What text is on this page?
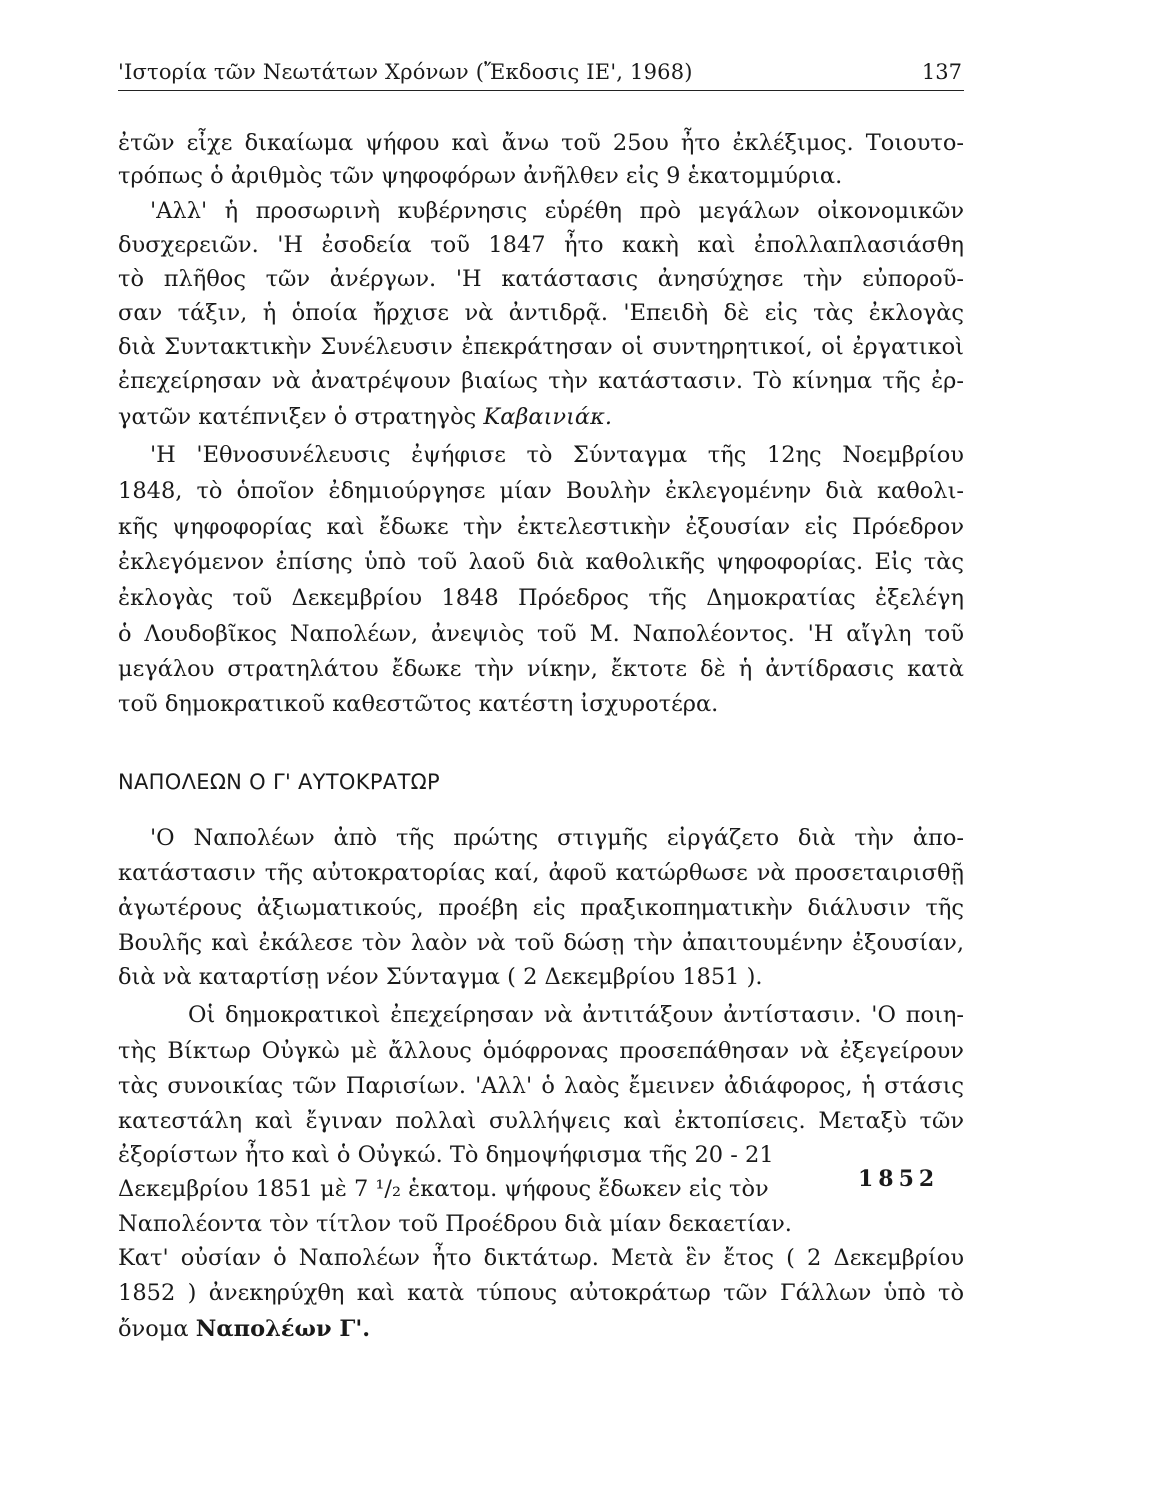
'Ιστορία τῶν Νεωτάτων Χρόνων (Ἔκδοσις ΙΕ', 1968)	137
ἐτῶν εἶχε δικαίωμα ψήφου καὶ ἄνω τοῦ 25ου ἦτο ἐκλέξιμος. Τοιουτο-
τρόπως ὁ ἀριθμὸς τῶν ψηφοφόρων ἀνῆλθεν εἰς 9 ἑκατομμύρια.
'Αλλ' ἡ προσωρινὴ κυβέρνησις εὑρέθη πρὸ μεγάλων οἰκονομικῶν
δυσχερειῶν. 'Η ἐσοδεία τοῦ 1847 ἦτο κακὴ καὶ ἐπολλαπλασιάσθη
τὸ πλῆθος τῶν ἀνέργων. 'Η κατάστασις ἀνησύχησε τὴν εὐποροῦ-
σαν τάξιν, ἡ ὁποία ἤρχισε νὰ ἀντιδρᾷ. 'Επειδὴ δὲ εἰς τὰς ἐκλογὰς
διὰ Συντακτικὴν Συνέλευσιν ἐπεκράτησαν οἱ συντηρητικοί, οἱ ἐργατικοὶ
ἐπεχείρησαν νὰ ἀνατρέψουν βιαίως τὴν κατάστασιν. Τὸ κίνημα τῆς ἐρ-
γατῶν κατέπνιξεν ὁ στρατηγὸς Καβαινιάκ.
'Η 'Εθνοσυνέλευσις ἐψήφισε τὸ Σύνταγμα τῆς 12ης Νοεμβρίου
1848, τὸ ὁποῖον ἐδημιούργησε μίαν Βουλὴν ἐκλεγομένην διὰ καθολι-
κῆς ψηφοφορίας καὶ ἔδωκε τὴν ἐκτελεστικὴν ἐξουσίαν εἰς Πρόεδρον
ἐκλεγόμενον ἐπίσης ὑπὸ τοῦ λαοῦ διὰ καθολικῆς ψηφοφορίας. Εἰς τὰς
ἐκλογὰς τοῦ Δεκεμβρίου 1848 Πρόεδρος τῆς Δημοκρατίας ἐξελέγη
ὁ Λουδοβῖκος Ναπολέων, ἀνεψιὸς τοῦ Μ. Ναπολέοντος. 'Η αἴγλη τοῦ
μεγάλου στρατηλάτου ἔδωκε τὴν νίκην, ἔκτοτε δὲ ἡ ἀντίδρασις κατὰ
τοῦ δημοκρατικοῦ καθεστῶτος κατέστη ἰσχυροτέρα.
ΝΑΠΟΛΕΩΝ Ο Γ' ΑΥΤΟΚΡΑΤΩΡ
'Ο Ναπολέων ἀπὸ τῆς πρώτης στιγμῆς εἰργάζετο διὰ τὴν ἀπο-
κατάστασιν τῆς αὐτοκρατορίας καί, ἀφοῦ κατώρθωσε νὰ προσεταιρισθῇ
ἀγωτέρους ἀξιωματικούς, προέβη εἰς πραξικοπηματικὴν διάλυσιν τῆς
Βουλῆς καὶ ἐκάλεσε τὸν λαὸν νὰ τοῦ δώσῃ τὴν ἀπαιτουμένην ἐξουσίαν,
διὰ νὰ καταρτίσῃ νέον Σύνταγμα ( 2 Δεκεμβρίου 1851 ).
Οἱ δημοκρατικοὶ ἐπεχείρησαν νὰ ἀντιτάξουν ἀντίστασιν. 'Ο ποιη-
τὴς Βίκτωρ Οὐγκὼ μὲ ἄλλους ὁμόφρονας προσεπάθησαν νὰ ἐξεγείρουν
τὰς συνοικίας τῶν Παρισίων. 'Αλλ' ὁ λαὸς ἔμεινεν ἀδιάφορος, ἡ στάσις
κατεστάλη καὶ ἔγιναν πολλαὶ συλλήψεις καὶ ἐκτοπίσεις. Μεταξὺ τῶν
ἐξορίστων ἦτο καὶ ὁ Οὐγκώ. Τὸ δημοψήφισμα τῆς 20 - 21
Δεκεμβρίου 1851 μὲ 7 ¹/₂ ἑκατομ. ψήφους ἔδωκεν εἰς τὸν
Ναπολέοντα τὸν τίτλον τοῦ Προέδρου διὰ μίαν δεκαετίαν.
1852
Κατ' οὐσίαν ὁ Ναπολέων ἦτο δικτάτωρ. Μετὰ ἓν ἔτος ( 2 Δεκεμβρίου
1852 ) ἀνεκηρύχθη καὶ κατὰ τύπους αὐτοκράτωρ τῶν Γάλλων ὑπὸ τὸ
ὄνομα Ναπολέων Γ'.
